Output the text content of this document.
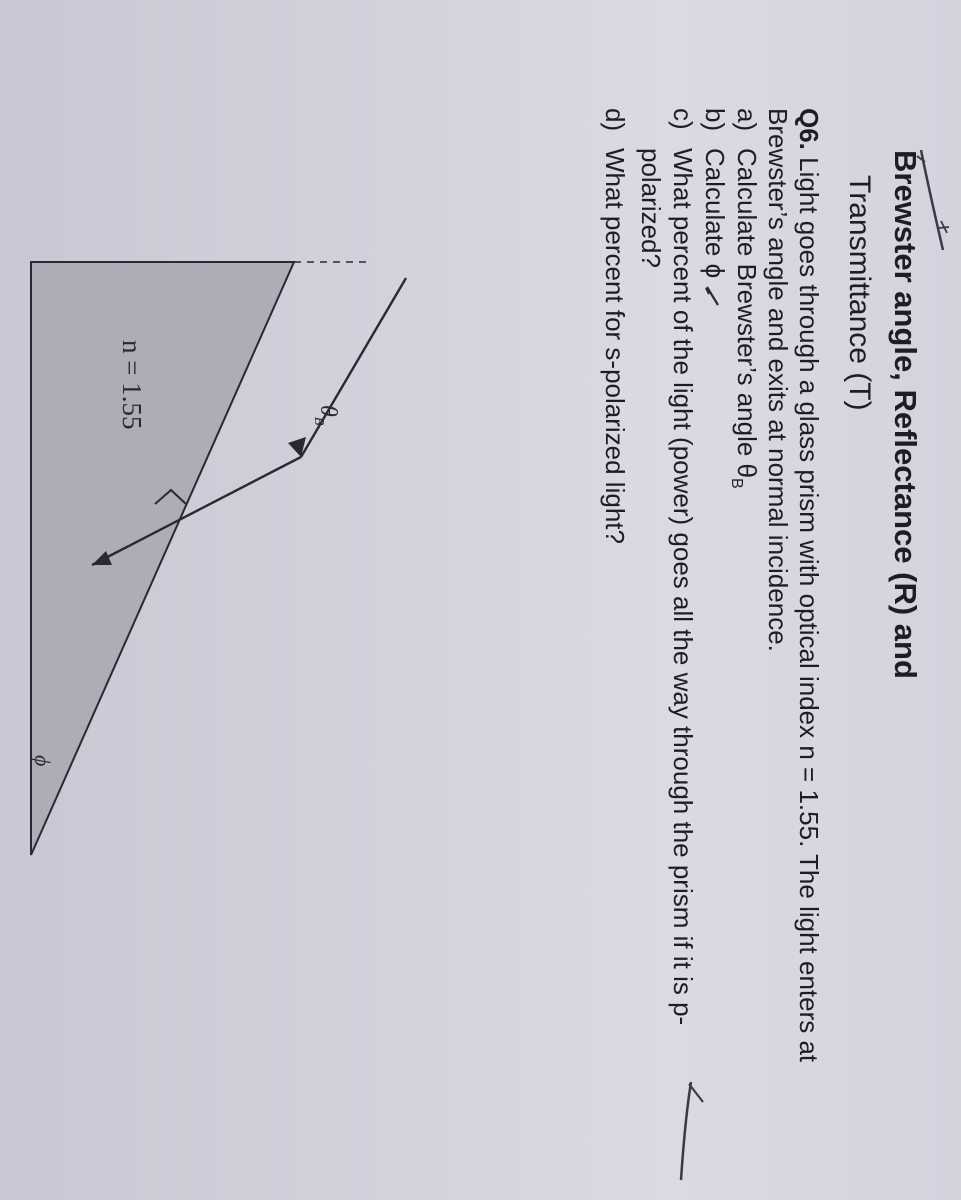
Brewster angle, Reflectance (R) and
Transmittance (T)
Q6. Light goes through a glass prism with optical index n = 1.55. The light enters at
Brewster’s angle and exits at normal incidence.
a)Calculate Brewster’s angle $\theta_B$
b)Calculate ϕ
c)What percent of the light (power) goes all the way through the prism if it is p-
polarized?
d)What percent for s-polarized light?
$\theta_B$
ϕ
n = 1.55
